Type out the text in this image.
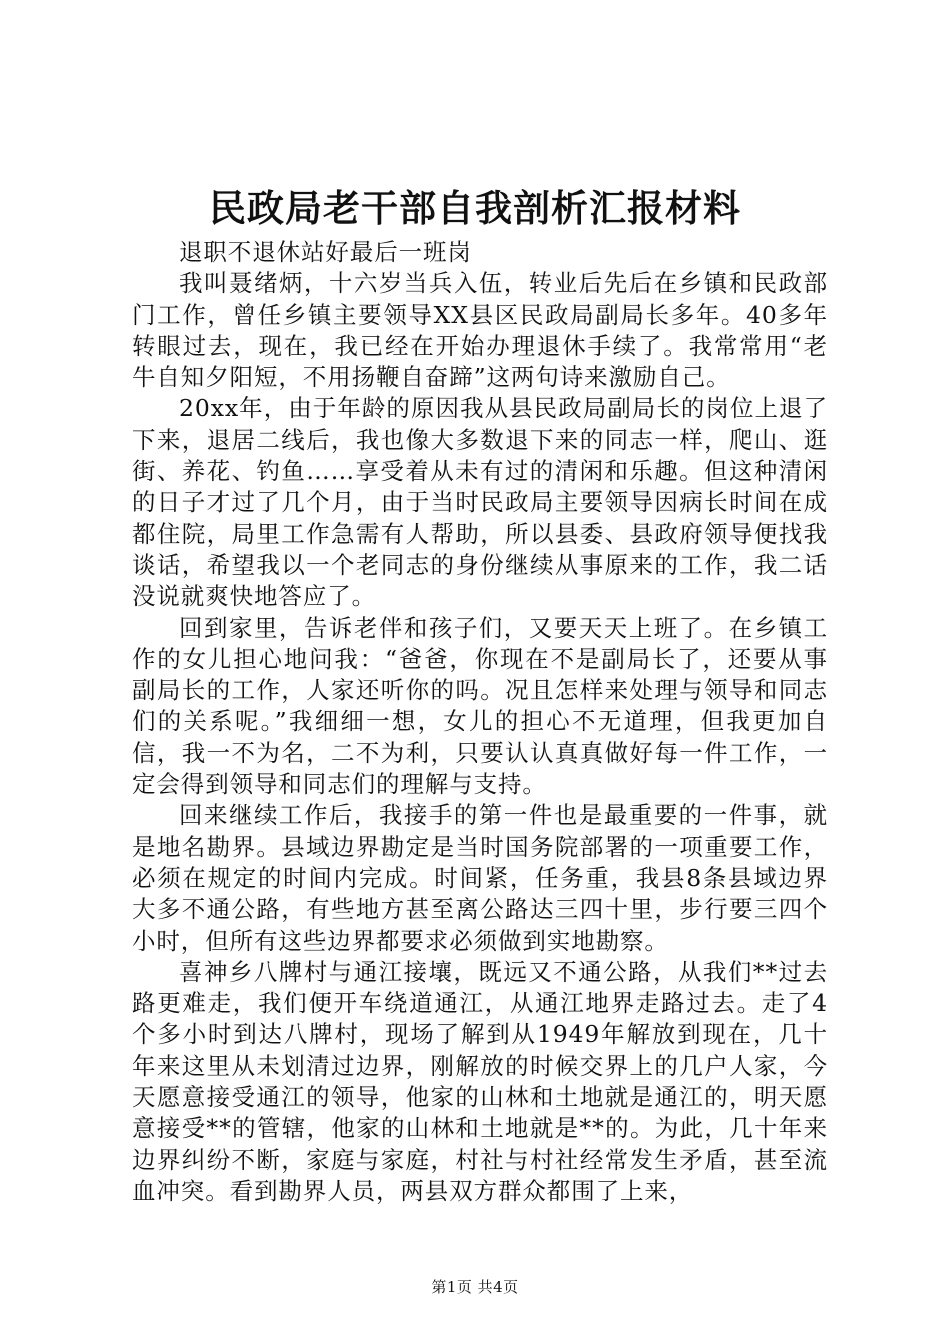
民政局老干部自我剖析汇报材料

退职不退休站好最后一班岗

我叫聂绪炳，十六岁当兵入伍，转业后先后在乡镇和民政部门工作，曾任乡镇主要领导XX县区民政局副局长多年。40多年转眼过去，现在，我已经在开始办理退休手续了。我常常用“老牛自知夕阳短，不用扬鞭自奋蹄”这两句诗来激励自己。

20xx年，由于年龄的原因我从县民政局副局长的岗位上退了下来，退居二线后，我也像大多数退下来的同志一样，爬山、逛街、养花、钓鱼……享受着从未有过的清闲和乐趣。但这种清闲的日子才过了几个月，由于当时民政局主要领导因病长时间在成都住院，局里工作急需有人帮助，所以县委、县政府领导便找我谈话，希望我以一个老同志的身份继续从事原来的工作，我二话没说就爽快地答应了。

回到家里，告诉老伴和孩子们，又要天天上班了。在乡镇工作的女儿担心地问我：“爸爸，你现在不是副局长了，还要从事副局长的工作，人家还听你的吗。况且怎样来处理与领导和同志们的关系呢。”我细细一想，女儿的担心不无道理，但我更加自信，我一不为名，二不为利，只要认认真真做好每一件工作，一定会得到领导和同志们的理解与支持。

回来继续工作后，我接手的第一件也是最重要的一件事，就是地名勘界。县域边界勘定是当时国务院部署的一项重要工作，必须在规定的时间内完成。时间紧，任务重，我县8条县域边界大多不通公路，有些地方甚至离公路达三四十里，步行要三四个小时，但所有这些边界都要求必须做到实地勘察。

喜神乡八牌村与通江接壤，既远又不通公路，从我们**过去路更难走，我们便开车绕道通江，从通江地界走路过去。走了4个多小时到达八牌村，现场了解到从1949年解放到现在，几十年来这里从未划清过边界，刚解放的时候交界上的几户人家，今天愿意接受通江的领导，他家的山林和土地就是通江的，明天愿意接受**的管辖，他家的山林和土地就是**的。为此，几十年来边界纠纷不断，家庭与家庭，村社与村社经常发生矛盾，甚至流血冲突。看到勘界人员，两县双方群众都围了上来，

第1页 共4页
